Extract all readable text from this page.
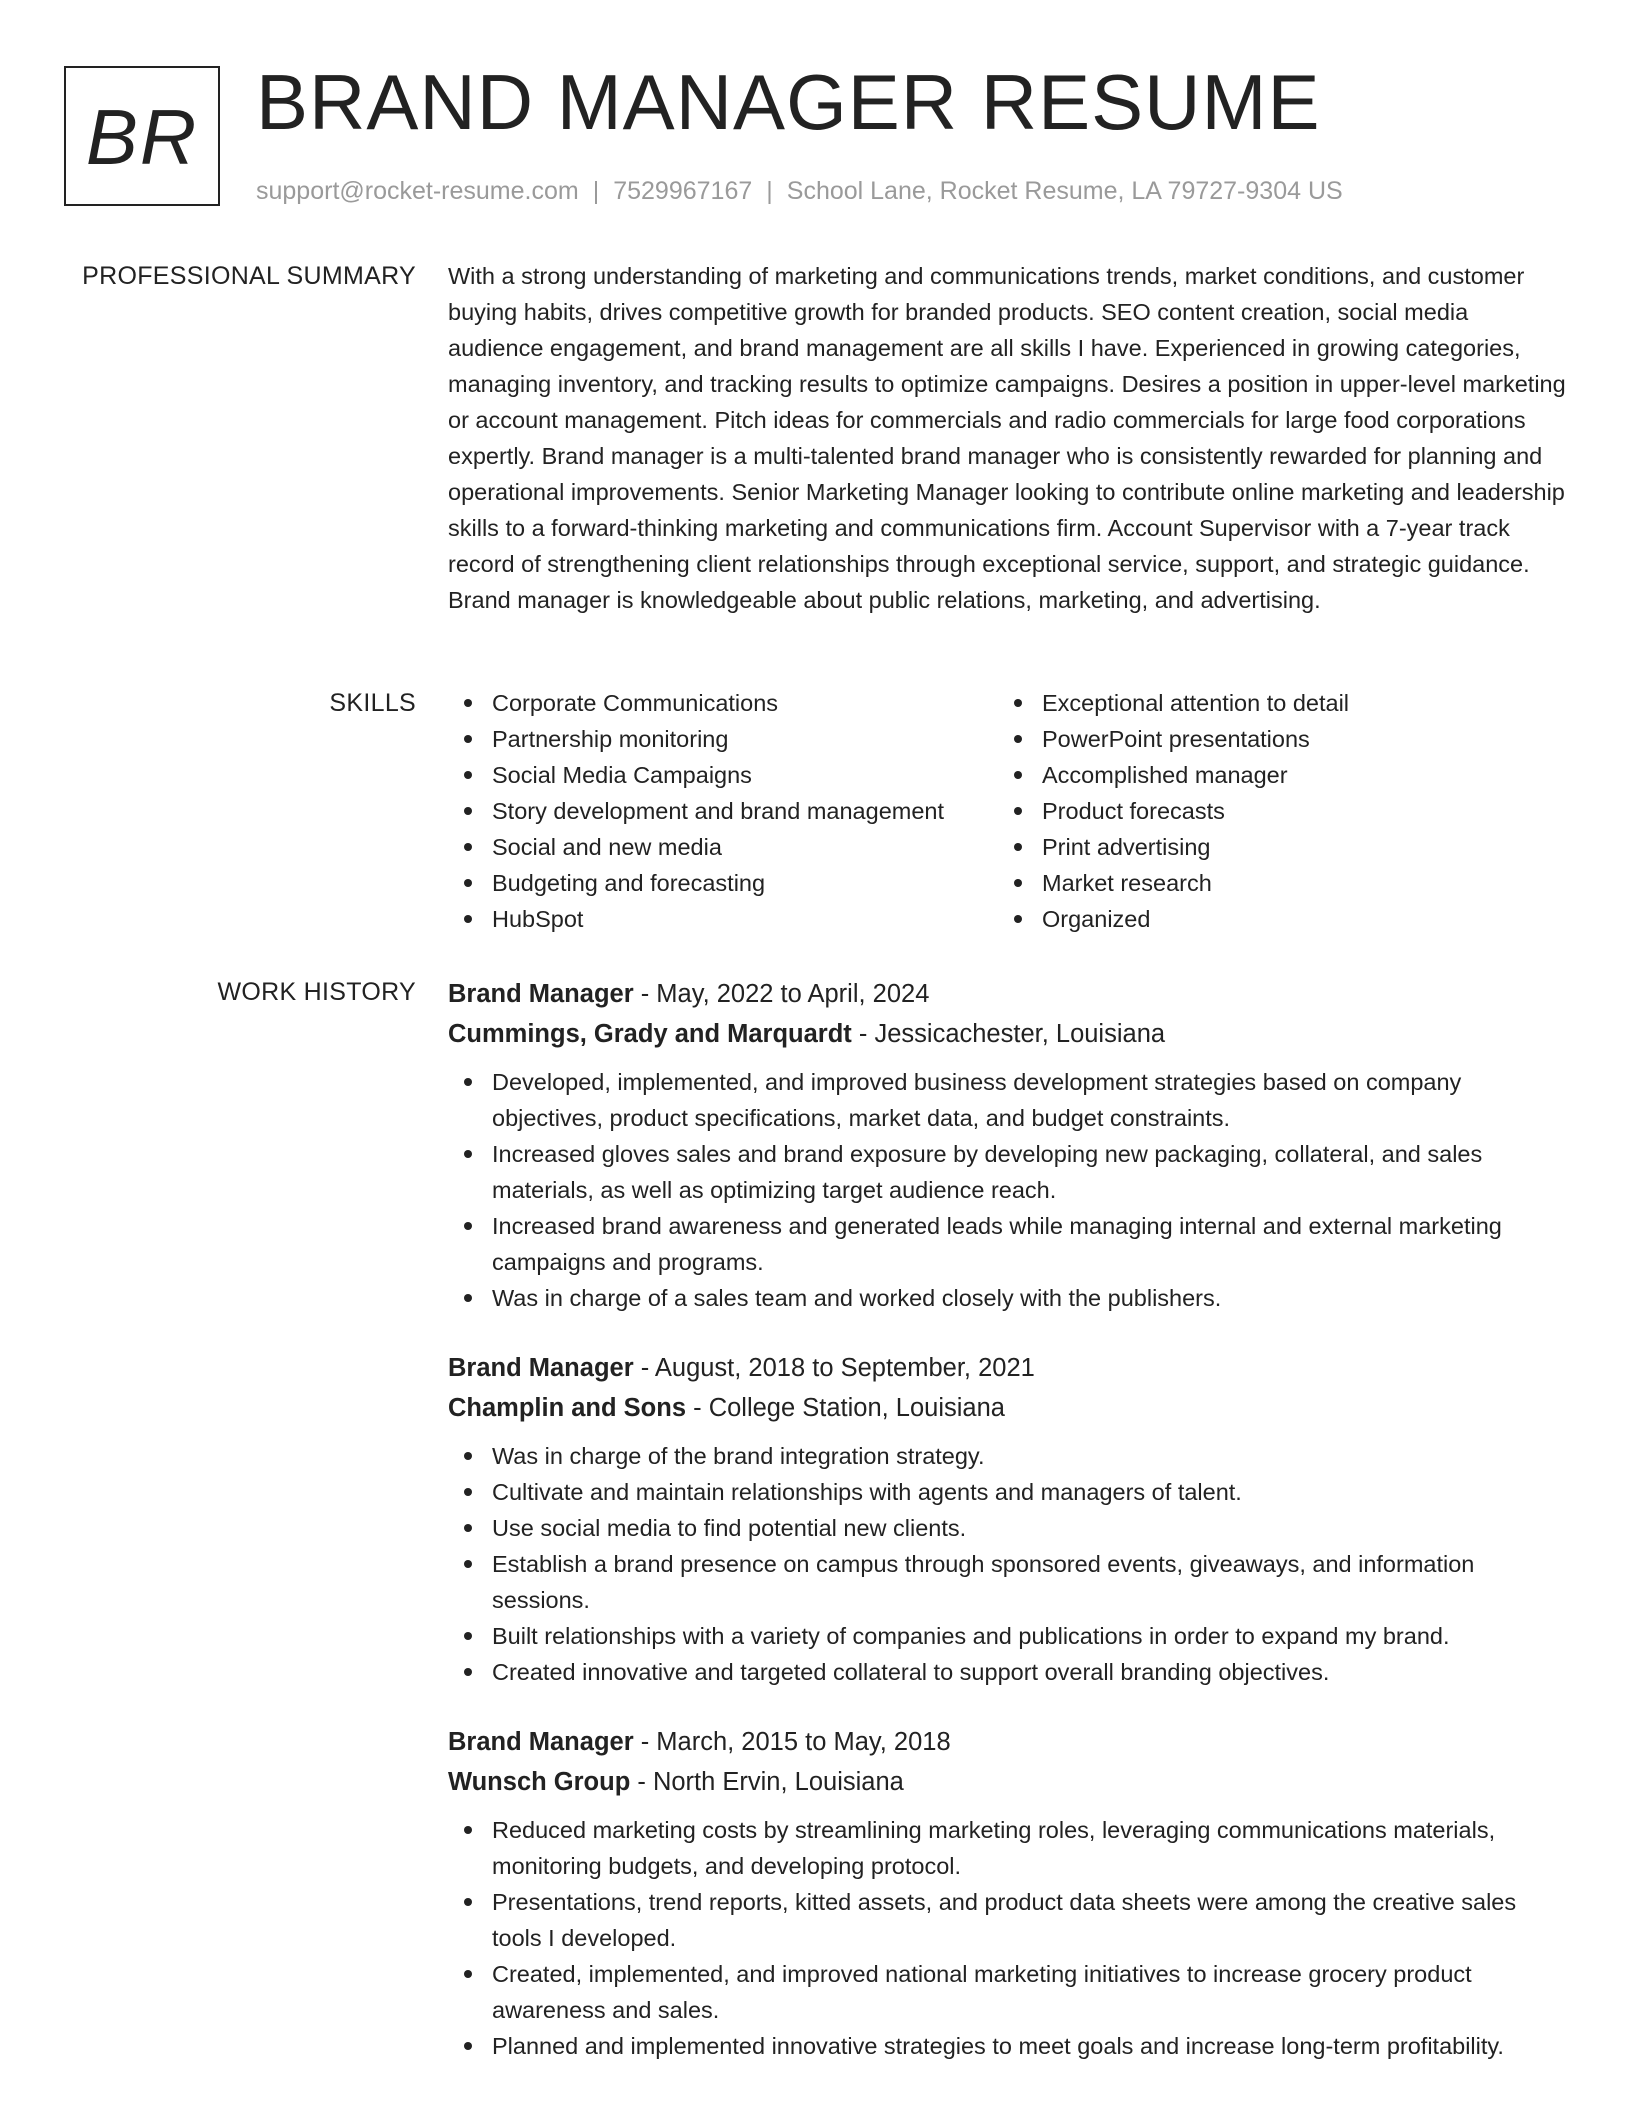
BR BRAND MANAGER RESUME
support@rocket-resume.com | 7529967167 | School Lane, Rocket Resume, LA 79727-9304 US
PROFESSIONAL SUMMARY With a strong understanding of marketing and communications trends, market conditions, and customer buying habits, drives competitive growth for branded products. SEO content creation, social media audience engagement, and brand management are all skills I have. Experienced in growing categories, managing inventory, and tracking results to optimize campaigns. Desires a position in upper-level marketing or account management. Pitch ideas for commercials and radio commercials for large food corporations expertly. Brand manager is a multi-talented brand manager who is consistently rewarded for planning and operational improvements. Senior Marketing Manager looking to contribute online marketing and leadership skills to a forward-thinking marketing and communications firm. Account Supervisor with a 7-year track record of strengthening client relationships through exceptional service, support, and strategic guidance. Brand manager is knowledgeable about public relations, marketing, and advertising.

SKILLS	Corporate Communications
Partnership monitoring
Social Media Campaigns
Story development and brand management
Social and new media
Budgeting and forecasting
HubSpot
Exceptional attention to detail
PowerPoint presentations
Accomplished manager
Product forecasts
Print advertising
Market research
Organized
WORK HISTORY Brand Manager - May, 2022 to April, 2024
Cummings, Grady and Marquardt - Jessicachester, Louisiana
Developed, implemented, and improved business development strategies based on company objectives, product specifications, market data, and budget constraints.
Increased gloves sales and brand exposure by developing new packaging, collateral, and sales materials, as well as optimizing target audience reach.
Increased brand awareness and generated leads while managing internal and external marketing campaigns and programs.
Was in charge of a sales team and worked closely with the publishers.
Brand Manager - August, 2018 to September, 2021
Champlin and Sons - College Station, Louisiana
Was in charge of the brand integration strategy.
Cultivate and maintain relationships with agents and managers of talent.
Use social media to find potential new clients.
Establish a brand presence on campus through sponsored events, giveaways, and information sessions.
Built relationships with a variety of companies and publications in order to expand my brand.
Created innovative and targeted collateral to support overall branding objectives.
Brand Manager - March, 2015 to May, 2018
Wunsch Group - North Ervin, Louisiana
Reduced marketing costs by streamlining marketing roles, leveraging communications materials, monitoring budgets, and developing protocol.
Presentations, trend reports, kitted assets, and product data sheets were among the creative sales tools I developed.
Created, implemented, and improved national marketing initiatives to increase grocery product awareness and sales.
Planned and implemented innovative strategies to meet goals and increase long-term profitability.
